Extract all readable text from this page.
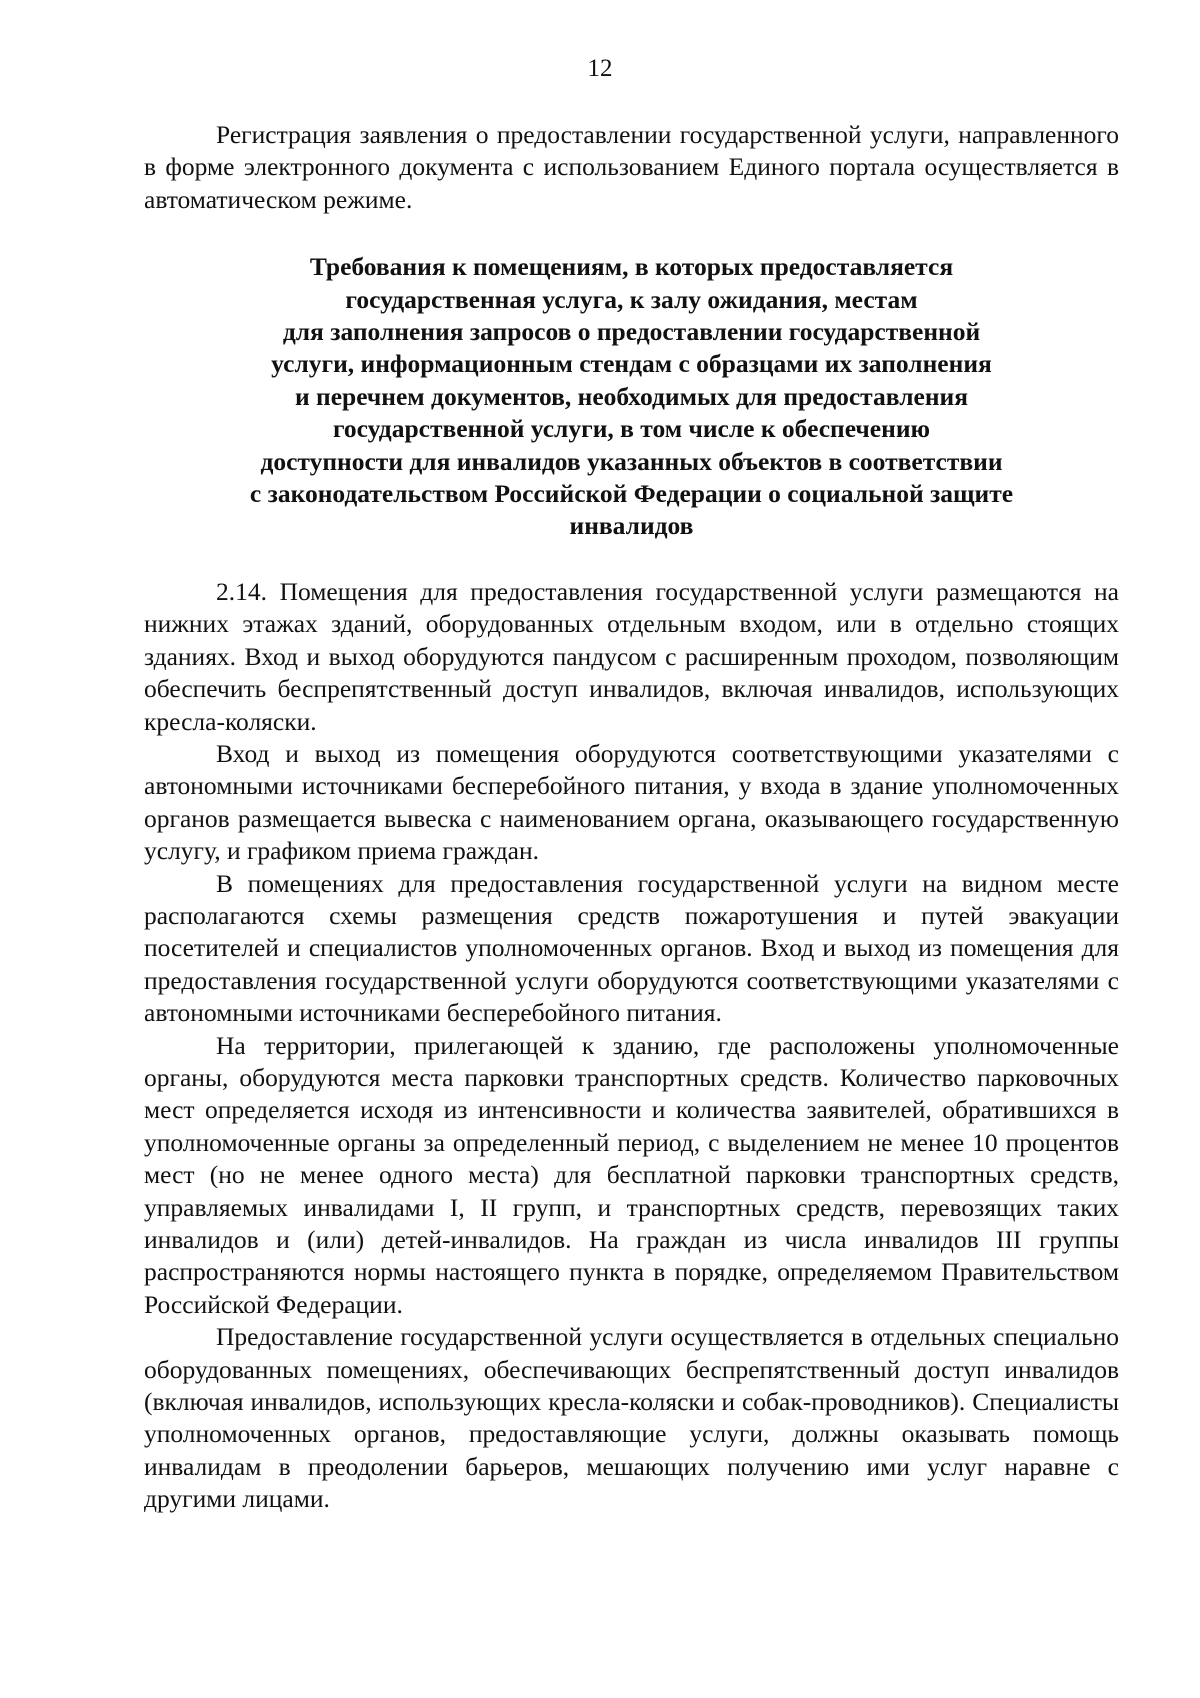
12

Регистрация заявления о предоставлении государственной услуги, направленного в форме электронного документа с использованием Единого портала осуществляется в автоматическом режиме.

Требования к помещениям, в которых предоставляется
государственная услуга, к залу ожидания, местам
для заполнения запросов о предоставлении государственной
услуги, информационным стендам с образцами их заполнения
и перечнем документов, необходимых для предоставления
государственной услуги, в том числе к обеспечению
доступности для инвалидов указанных объектов в соответствии
с законодательством Российской Федерации о социальной защите
инвалидов

2.14. Помещения для предоставления государственной услуги размещаются на нижних этажах зданий, оборудованных отдельным входом, или в отдельно стоящих зданиях. Вход и выход оборудуются пандусом с расширенным проходом, позволяющим обеспечить беспрепятственный доступ инвалидов, включая инвалидов, использующих кресла-коляски.

Вход и выход из помещения оборудуются соответствующими указателями с автономными источниками бесперебойного питания, у входа в здание уполномоченных органов размещается вывеска с наименованием органа, оказывающего государственную услугу, и графиком приема граждан.

В помещениях для предоставления государственной услуги на видном месте располагаются схемы размещения средств пожаротушения и путей эвакуации посетителей и специалистов уполномоченных органов. Вход и выход из помещения для предоставления государственной услуги оборудуются соответствующими указателями с автономными источниками бесперебойного питания.

На территории, прилегающей к зданию, где расположены уполномоченные органы, оборудуются места парковки транспортных средств. Количество парковочных мест определяется исходя из интенсивности и количества заявителей, обратившихся в уполномоченные органы за определенный период, с выделением не менее 10 процентов мест (но не менее одного места) для бесплатной парковки транспортных средств, управляемых инвалидами I, II групп, и транспортных средств, перевозящих таких инвалидов и (или) детей-инвалидов. На граждан из числа инвалидов III группы распространяются нормы настоящего пункта в порядке, определяемом Правительством Российской Федерации.

Предоставление государственной услуги осуществляется в отдельных специально оборудованных помещениях, обеспечивающих беспрепятственный доступ инвалидов (включая инвалидов, использующих кресла-коляски и собак-проводников). Специалисты уполномоченных органов, предоставляющие услуги, должны оказывать помощь инвалидам в преодолении барьеров, мешающих получению ими услуг наравне с другими лицами.
